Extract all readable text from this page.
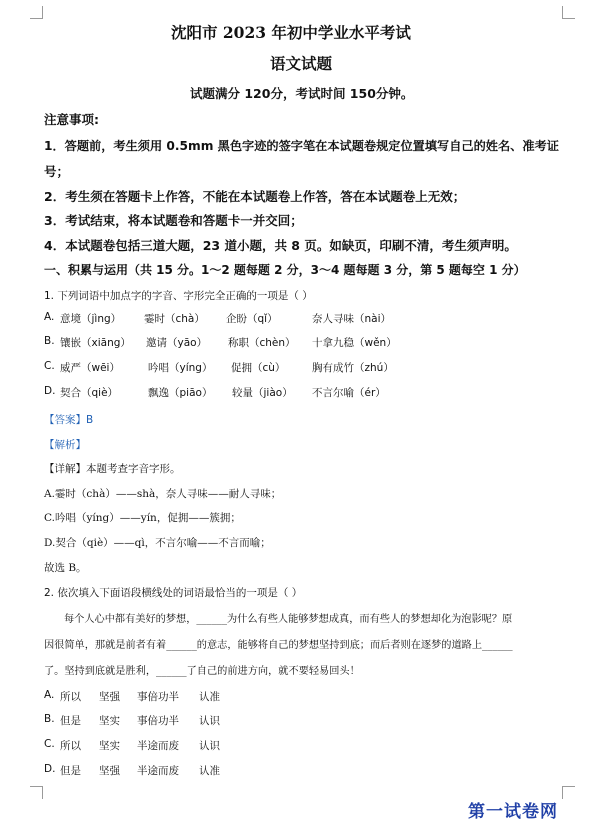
沈阳市 2023 年初中学业水平考试
语文试题
试题满分 120分，考试时间 150分钟。
注意事项:
1．答题前，考生须用 0.5mm 黑色字迹的签字笔在本试题卷规定位置填写自己的姓名、准考证
号；
2．考生须在答题卡上作答，不能在本试题卷上作答，答在本试题卷上无效；
3．考试结束，将本试题卷和答题卡一并交回；
4．本试题卷包括三道大题，23 道小题，共 8 页。如缺页，印刷不清，考生须声明。
一、积累与运用（共 15 分。1～2 题每题 2 分，3～4 题每题 3 分，第 5 题每空 1 分）
1. 下列词语中加点字的字音、字形完全正确的一项是（ ）
A. 意境（jìng） 霎时（chà） 企盼（qǐ）	奈人寻味（nài）
B. 镶嵌（xiāng） 邀请（yāo） 称职（chèn） 十拿九稳（wěn）
C. 威严（wēi）	吟唱（yíng） 促拥（cù）	胸有成竹（zhú）
D. 契合（qiè）	飘逸（piāo） 较量（jiào） 不言尔喻（ér）
【答案】B
【解析】
【详解】本题考查字音字形。
A.霎时（chà）——shà，奈人寻味——耐人寻味；
C.吟唱（yíng）——yín，促拥——簇拥；
D.契合（qiè）——qì，不言尔喻——不言而喻；
故选 B。
2. 依次填入下面语段横线处的词语最恰当的一项是（ ）
每个人心中都有美好的梦想，______为什么有些人能够梦想成真，而有些人的梦想却化为泡影呢？原
因很简单，那就是前者有着______的意志，能够将自己的梦想坚持到底；而后者则在逐梦的道路上______
了。坚持到底就是胜利，______了自己的前进方向，就不要轻易回头！
A. 所以 坚强 事倍功半 认准
B. 但是 坚实 事倍功半 认识
C. 所以 坚实 半途而废 认识
D. 但是 坚强 半途而废 认准
第一试卷网
